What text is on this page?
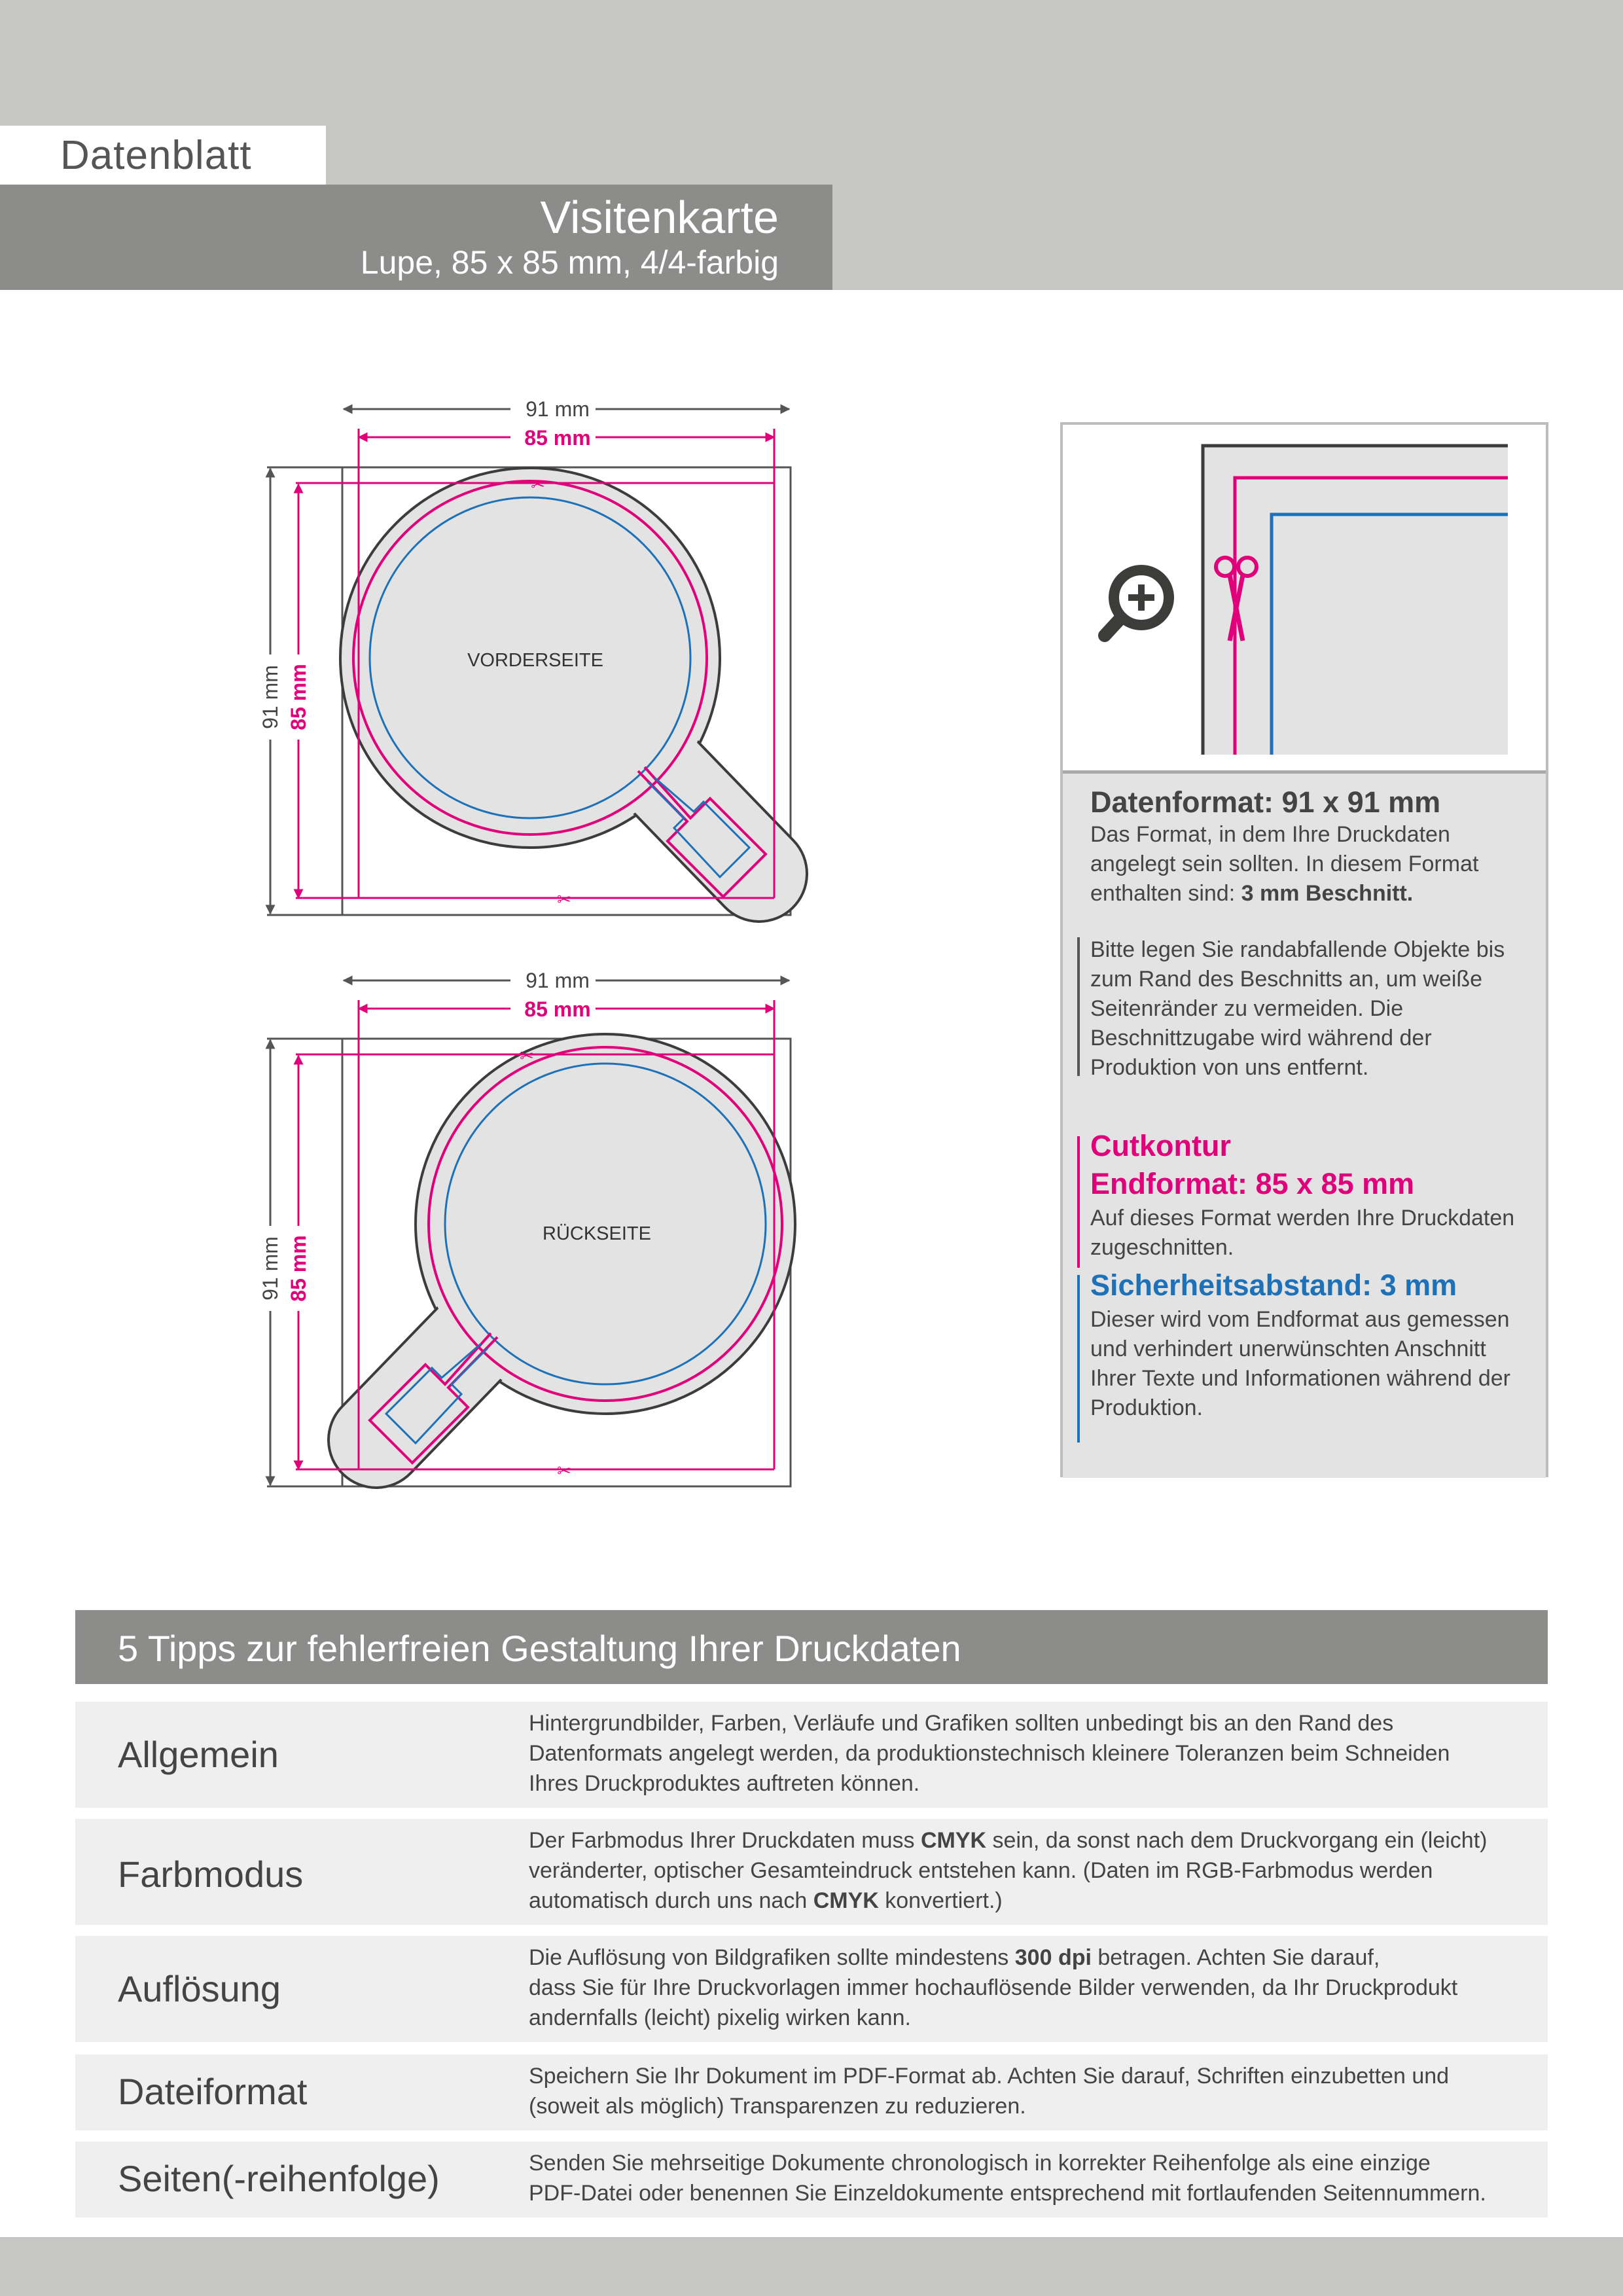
Datenblatt
Visitenkarte
Lupe, 85 x 85 mm, 4/4-farbig
91 mm
85 mm
91 mm 85 mm
VORDERSEITE
✂
✂
91 mm
85 mm
91 mm 85 mm
RÜCKSEITE
✂
✂
Datenformat: 91 x 91 mm
Das Format, in dem Ihre Druckdaten angelegt sein sollten. In diesem Format enthalten sind: 3 mm Beschnitt.
Bitte legen Sie randabfallende Objekte bis zum Rand des Beschnitts an, um weiße Seitenränder zu vermeiden. Die Beschnittzugabe wird während der Produktion von uns entfernt.
Cutkontur
Endformat: 85 x 85 mm
Auf dieses Format werden Ihre Druckdaten zugeschnitten.
Sicherheitsabstand: 3 mm
Dieser wird vom Endformat aus gemessen und verhindert unerwünschten Anschnitt Ihrer Texte und Informationen während der Produktion.
5 Tipps zur fehlerfreien Gestaltung Ihrer Druckdaten
Allgemein
Hintergrundbilder, Farben, Verläufe und Grafiken sollten unbedingt bis an den Rand des
Datenformats angelegt werden, da produktionstechnisch kleinere Toleranzen beim Schneiden
Ihres Druckproduktes auftreten können.
Farbmodus
Der Farbmodus Ihrer Druckdaten muss CMYK sein, da sonst nach dem Druckvorgang ein (leicht)
veränderter, optischer Gesamteindruck entstehen kann. (Daten im RGB-Farbmodus werden
automatisch durch uns nach CMYK konvertiert.)
Auflösung
Die Auflösung von Bildgrafiken sollte mindestens 300 dpi betragen. Achten Sie darauf,
dass Sie für Ihre Druckvorlagen immer hochauflösende Bilder verwenden, da Ihr Druckprodukt
andernfalls (leicht) pixelig wirken kann.
Dateiformat	Speichern Sie Ihr Dokument im PDF-Format ab. Achten Sie darauf, Schriften einzubetten und
(soweit als möglich) Transparenzen zu reduzieren.
Seiten(-reihenfolge)	Senden Sie mehrseitige Dokumente chronologisch in korrekter Reihenfolge als eine einzige
PDF-Datei oder benennen Sie Einzeldokumente entsprechend mit fortlaufenden Seitennummern.
